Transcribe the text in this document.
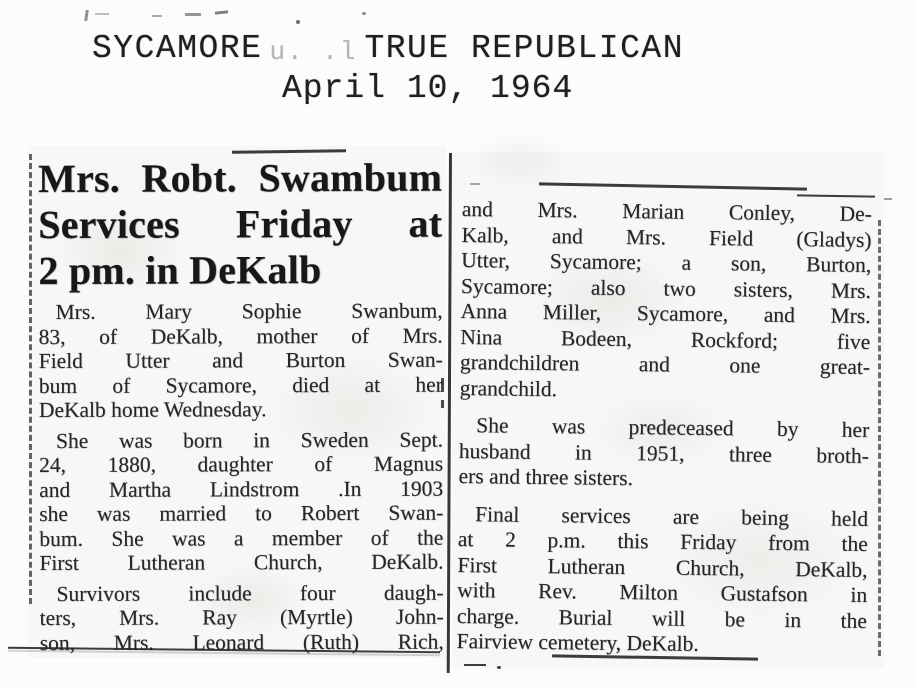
SYCAMORE u. .l TRUE REPUBLICAN
April 10, 1964
Mrs. Robt. Swambum
Services Friday at
2 pm. in DeKalb
Mrs. Mary Sophie Swanbum,
83, of DeKalb, mother of Mrs.
Field Utter and Burton Swan-
bum of Sycamore, died at her
DeKalb home Wednesday.
She was born in Sweden Sept.
24, 1880, daughter of Magnus
and Martha Lindstrom .In 1903
she was married to Robert Swan-
bum. She was a member of the
First Lutheran Church, DeKalb.
Survivors include four daugh-
ters, Mrs. Ray (Myrtle) John-
son, Mrs. Leonard (Ruth) Rich,
and Mrs. Marian Conley, De-
Kalb, and Mrs. Field (Gladys)
Utter, Sycamore; a son, Burton,
Sycamore; also two sisters, Mrs.
Anna Miller, Sycamore, and Mrs.
Nina Bodeen, Rockford; five
grandchildren and one great-
grandchild.
She was predeceased by her
husband in 1951, three broth-
ers and three sisters.
Final services are being held
at 2 p.m. this Friday from the
First Lutheran Church, DeKalb,
with Rev. Milton Gustafson in
charge. Burial will be in the
Fairview cemetery, DeKalb.
